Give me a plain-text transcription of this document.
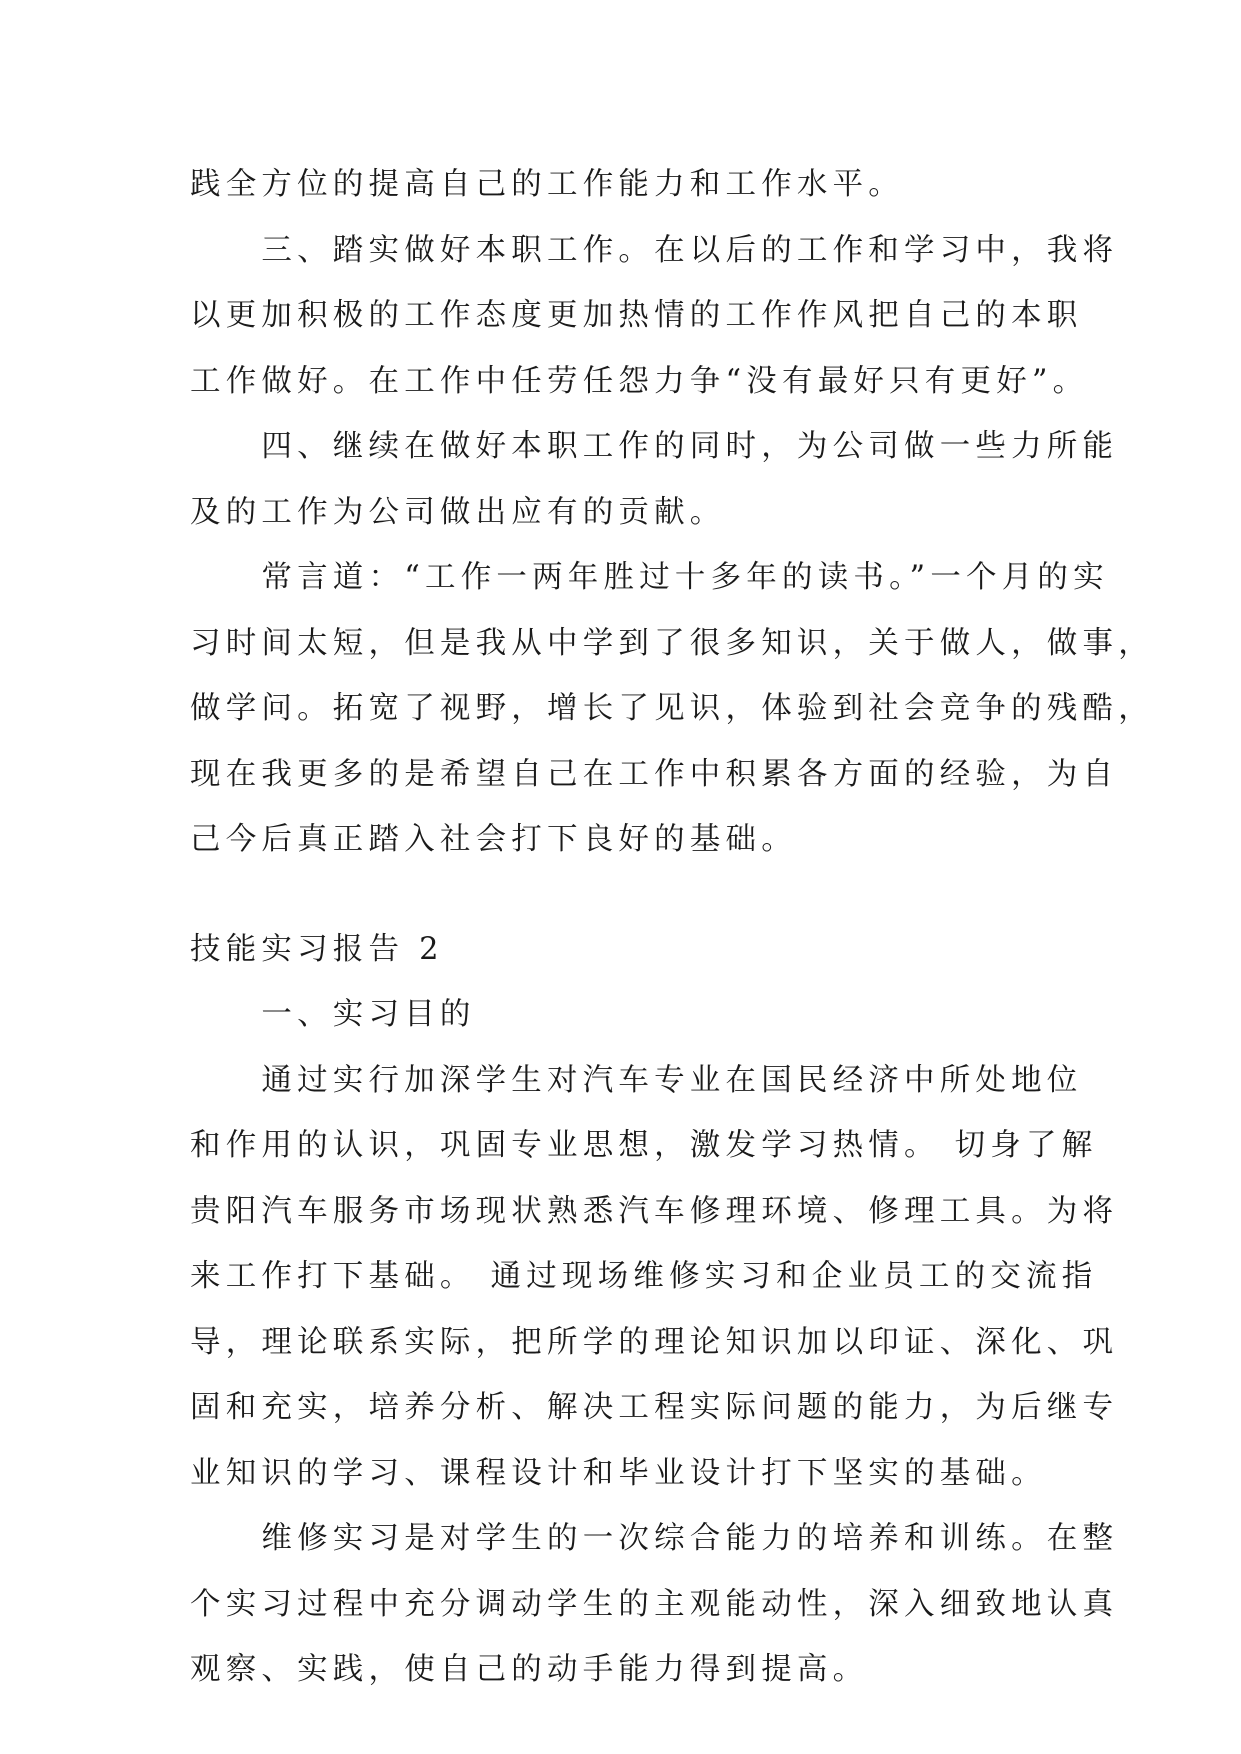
践全方位的提高自己的工作能力和工作水平。
　　三、踏实做好本职工作。在以后的工作和学习中，我将
以更加积极的工作态度更加热情的工作作风把自己的本职
工作做好。在工作中任劳任怨力争“没有最好只有更好”。
　　四、继续在做好本职工作的同时，为公司做一些力所能
及的工作为公司做出应有的贡献。
　　常言道：“工作一两年胜过十多年的读书。”一个月的实
习时间太短，但是我从中学到了很多知识，关于做人，做事，
做学问。拓宽了视野，增长了见识，体验到社会竞争的残酷，
现在我更多的是希望自己在工作中积累各方面的经验，为自
己今后真正踏入社会打下良好的基础。
技能实习报告 2
　　一、实习目的
　　通过实行加深学生对汽车专业在国民经济中所处地位
和作用的认识，巩固专业思想，激发学习热情。 切身了解
贵阳汽车服务市场现状熟悉汽车修理环境、修理工具。为将
来工作打下基础。 通过现场维修实习和企业员工的交流指
导，理论联系实际，把所学的理论知识加以印证、深化、巩
固和充实，培养分析、解决工程实际问题的能力，为后继专
业知识的学习、课程设计和毕业设计打下坚实的基础。
　　维修实习是对学生的一次综合能力的培养和训练。在整
个实习过程中充分调动学生的主观能动性，深入细致地认真
观察、实践，使自己的动手能力得到提高。
